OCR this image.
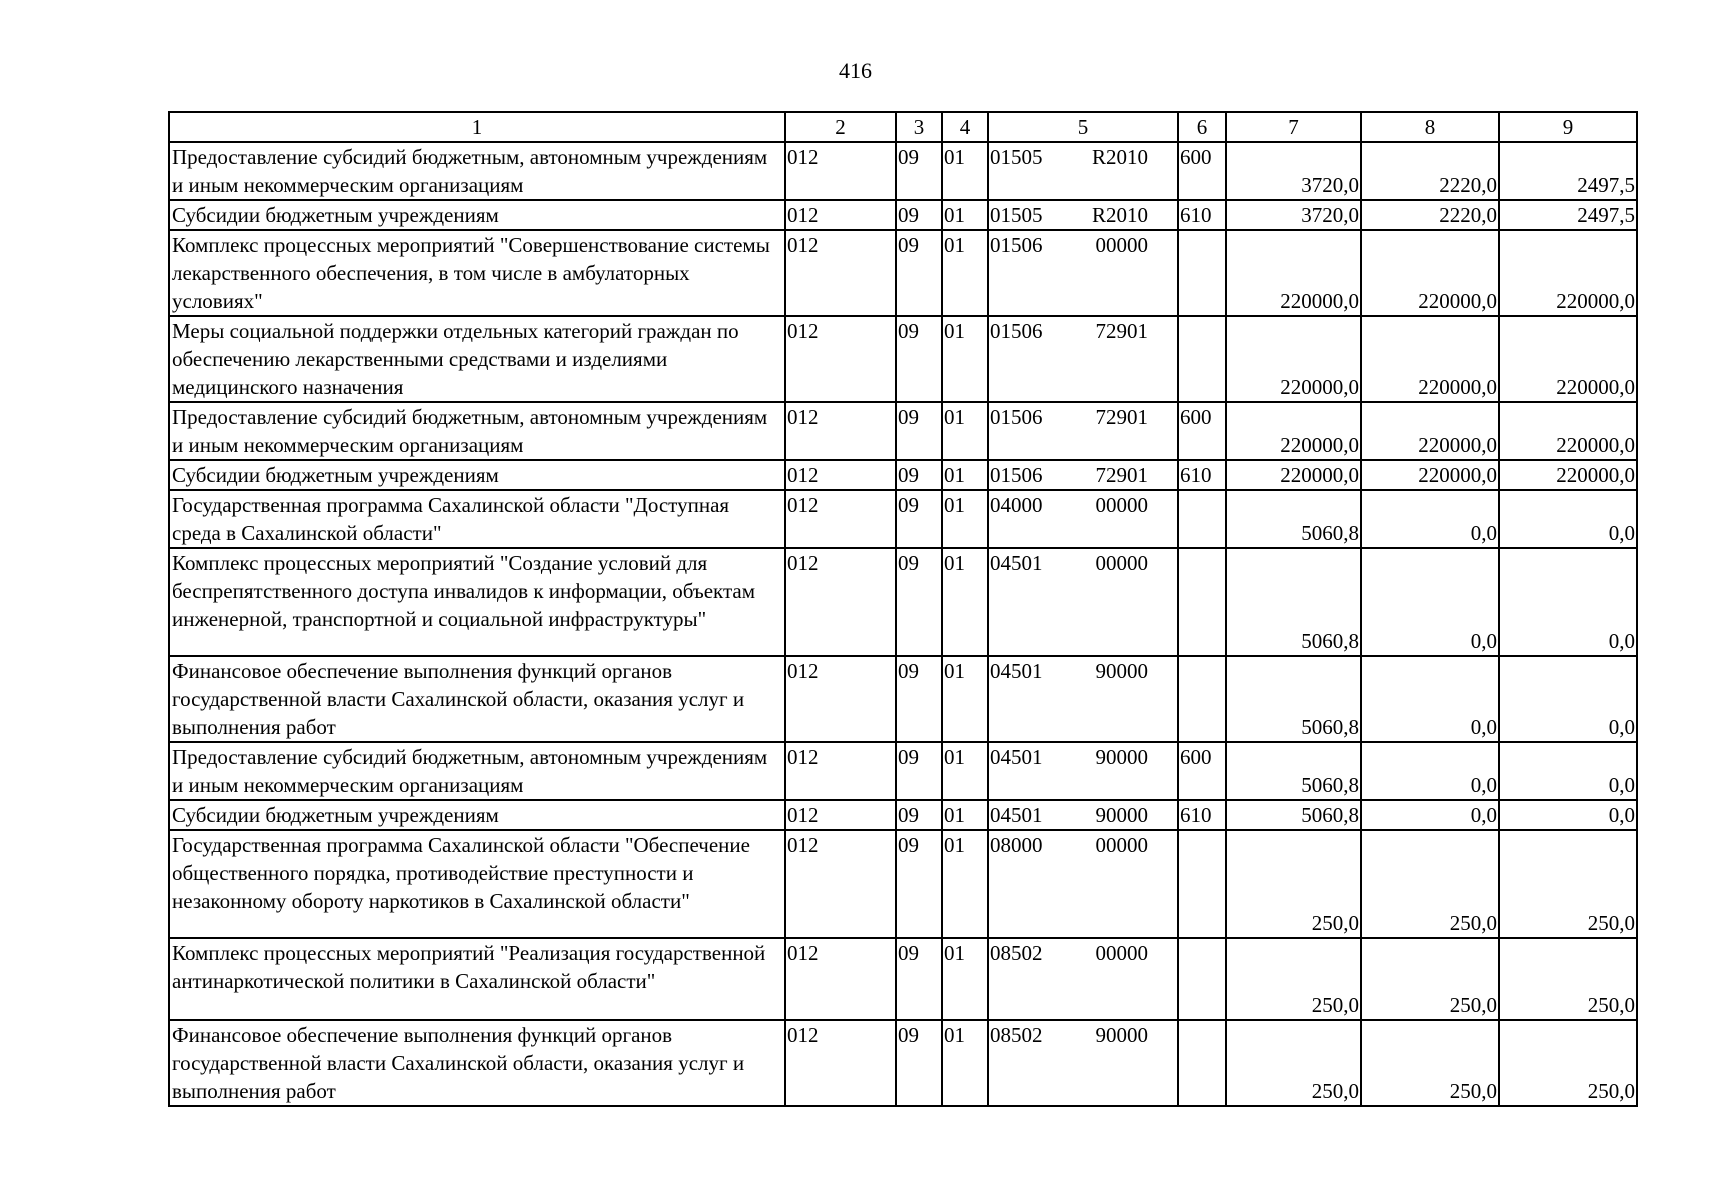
416
1	2	3	4	5	6	7	8	9
Предоставление субсидий бюджетным, автономным учреждениям и иным некоммерческим организациям	012	09	01	01505 R2010	600	3720,0	2220,0	2497,5
Субсидии бюджетным учреждениям	012	09	01	01505 R2010	610	3720,0	2220,0	2497,5
Комплекс процессных мероприятий "Совершенствование системы лекарственного обеспечения, в том числе в амбулаторных условиях"	012	09	01	01506 00000		220000,0	220000,0	220000,0
Меры социальной поддержки отдельных категорий граждан по обеспечению лекарственными средствами и изделиями медицинского назначения	012	09	01	01506 72901		220000,0	220000,0	220000,0
Предоставление субсидий бюджетным, автономным учреждениям и иным некоммерческим организациям	012	09	01	01506 72901	600	220000,0	220000,0	220000,0
Субсидии бюджетным учреждениям	012	09	01	01506 72901	610	220000,0	220000,0	220000,0
Государственная программа Сахалинской области "Доступная среда в Сахалинской области"	012	09	01	04000 00000		5060,8	0,0	0,0
Комплекс процессных мероприятий "Создание условий для беспрепятственного доступа инвалидов к информации, объектам инженерной, транспортной и социальной инфраструктуры"	012	09	01	04501 00000		5060,8	0,0	0,0
Финансовое обеспечение выполнения функций органов государственной власти Сахалинской области, оказания услуг и выполнения работ	012	09	01	04501 90000		5060,8	0,0	0,0
Предоставление субсидий бюджетным, автономным учреждениям и иным некоммерческим организациям	012	09	01	04501 90000	600	5060,8	0,0	0,0
Субсидии бюджетным учреждениям	012	09	01	04501 90000	610	5060,8	0,0	0,0
Государственная программа Сахалинской области "Обеспечение общественного порядка, противодействие преступности и незаконному обороту наркотиков в Сахалинской области"	012	09	01	08000 00000		250,0	250,0	250,0
Комплекс процессных мероприятий "Реализация государственной антинаркотической политики в Сахалинской области"	012	09	01	08502 00000		250,0	250,0	250,0
Финансовое обеспечение выполнения функций органов государственной власти Сахалинской области, оказания услуг и выполнения работ	012	09	01	08502 90000		250,0	250,0	250,0
